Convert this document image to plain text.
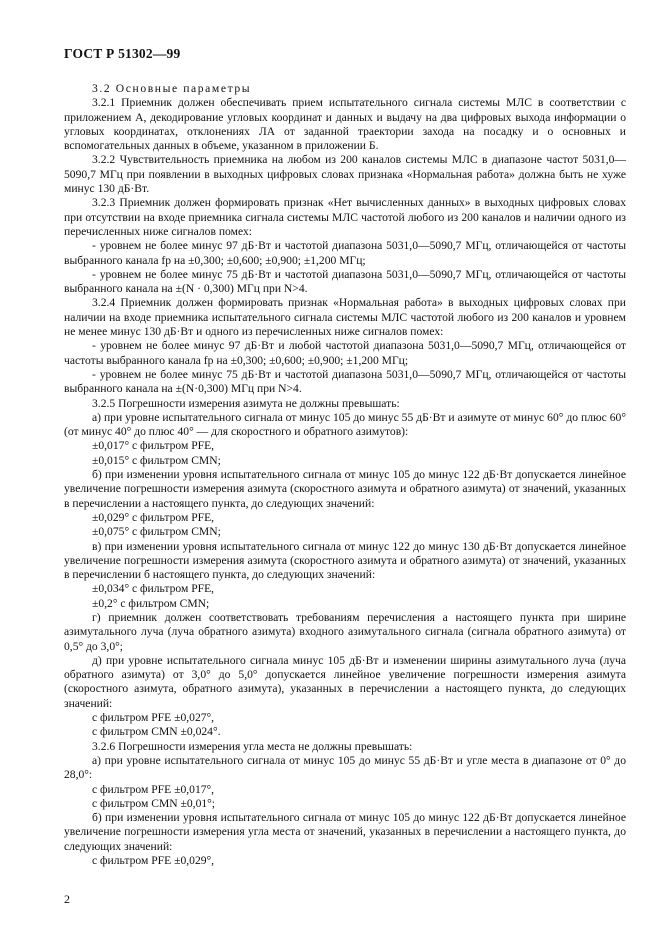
ГОСТ Р 51302—99

3.2 Основные параметры

3.2.1 Приемник должен обеспечивать прием испытательного сигнала системы МЛС в соответствии с приложением А, декодирование угловых координат и данных и выдачу на два цифровых выхода информации о угловых координатах, отклонениях ЛА от заданной траектории захода на посадку и о основных и вспомогательных данных в объеме, указанном в приложении Б.

3.2.2 Чувствительность приемника на любом из 200 каналов системы МЛС в диапазоне частот 5031,0—5090,7 МГц при появлении в выходных цифровых словах признака «Нормальная работа» должна быть не хуже минус 130 дБ·Вт.

3.2.3 Приемник должен формировать признак «Нет вычисленных данных» в выходных цифровых словах при отсутствии на входе приемника сигнала системы МЛС частотой любого из 200 каналов и наличии одного из перечисленных ниже сигналов помех:

- уровнем не более минус 97 дБ·Вт и частотой диапазона 5031,0—5090,7 МГц, отличающейся от частоты выбранного канала fр на ±0,300; ±0,600; ±0,900; ±1,200 МГц;

- уровнем не более минус 75 дБ·Вт и частотой диапазона 5031,0—5090,7 МГц, отличающейся от частоты выбранного канала на ±(N · 0,300) МГц при N>4.

3.2.4 Приемник должен формировать признак «Нормальная работа» в выходных цифровых словах при наличии на входе приемника испытательного сигнала системы МЛС частотой любого из 200 каналов и уровнем не менее минус 130 дБ·Вт и одного из перечисленных ниже сигналов помех:

- уровнем не более минус 97 дБ·Вт и любой частотой диапазона 5031,0—5090,7 МГц, отличающейся от частоты выбранного канала fр на ±0,300; ±0,600; ±0,900; ±1,200 МГц;

- уровнем не более минус 75 дБ·Вт и частотой диапазона 5031,0—5090,7 МГц, отличающейся от частоты выбранного канала на ±(N·0,300) МГц при N>4.

3.2.5 Погрешности измерения азимута не должны превышать:

а) при уровне испытательного сигнала от минус 105 до минус 55 дБ·Вт и азимуте от минус 60° до плюс 60° (от минус 40° до плюс 40° — для скоростного и обратного азимутов):

±0,017° с фильтром PFE,

±0,015° с фильтром CMN;

б) при изменении уровня испытательного сигнала от минус 105 до минус 122 дБ·Вт допускается линейное увеличение погрешности измерения азимута (скоростного азимута и обратного азимута) от значений, указанных в перечислении а настоящего пункта, до следующих значений:

±0,029° с фильтром PFE,

±0,075° с фильтром CMN;

в) при изменении уровня испытательного сигнала от минус 122 до минус 130 дБ·Вт допускается линейное увеличение погрешности измерения азимута (скоростного азимута и обратного азимута) от значений, указанных в перечислении б настоящего пункта, до следующих значений:

±0,034° с фильтром PFE,

±0,2° с фильтром CMN;

г) приемник должен соответствовать требованиям перечисления а настоящего пункта при ширине азимутального луча (луча обратного азимута) входного азимутального сигнала (сигнала обратного азимута) от 0,5° до 3,0°;

д) при уровне испытательного сигнала минус 105 дБ·Вт и изменении ширины азимутального луча (луча обратного азимута) от 3,0° до 5,0° допускается линейное увеличение погрешности измерения азимута (скоростного азимута, обратного азимута), указанных в перечислении а настоящего пункта, до следующих значений:

с фильтром PFE ±0,027°,

с фильтром CMN ±0,024°.

3.2.6 Погрешности измерения угла места не должны превышать:

а) при уровне испытательного сигнала от минус 105 до минус 55 дБ·Вт и угле места в диапазоне от 0° до 28,0°:

с фильтром PFE ±0,017°,

с фильтром CMN ±0,01°;

б) при изменении уровня испытательного сигнала от минус 105 до минус 122 дБ·Вт допускается линейное увеличение погрешности измерения угла места от значений, указанных в перечислении а настоящего пункта, до следующих значений:

с фильтром PFE ±0,029°,

2
